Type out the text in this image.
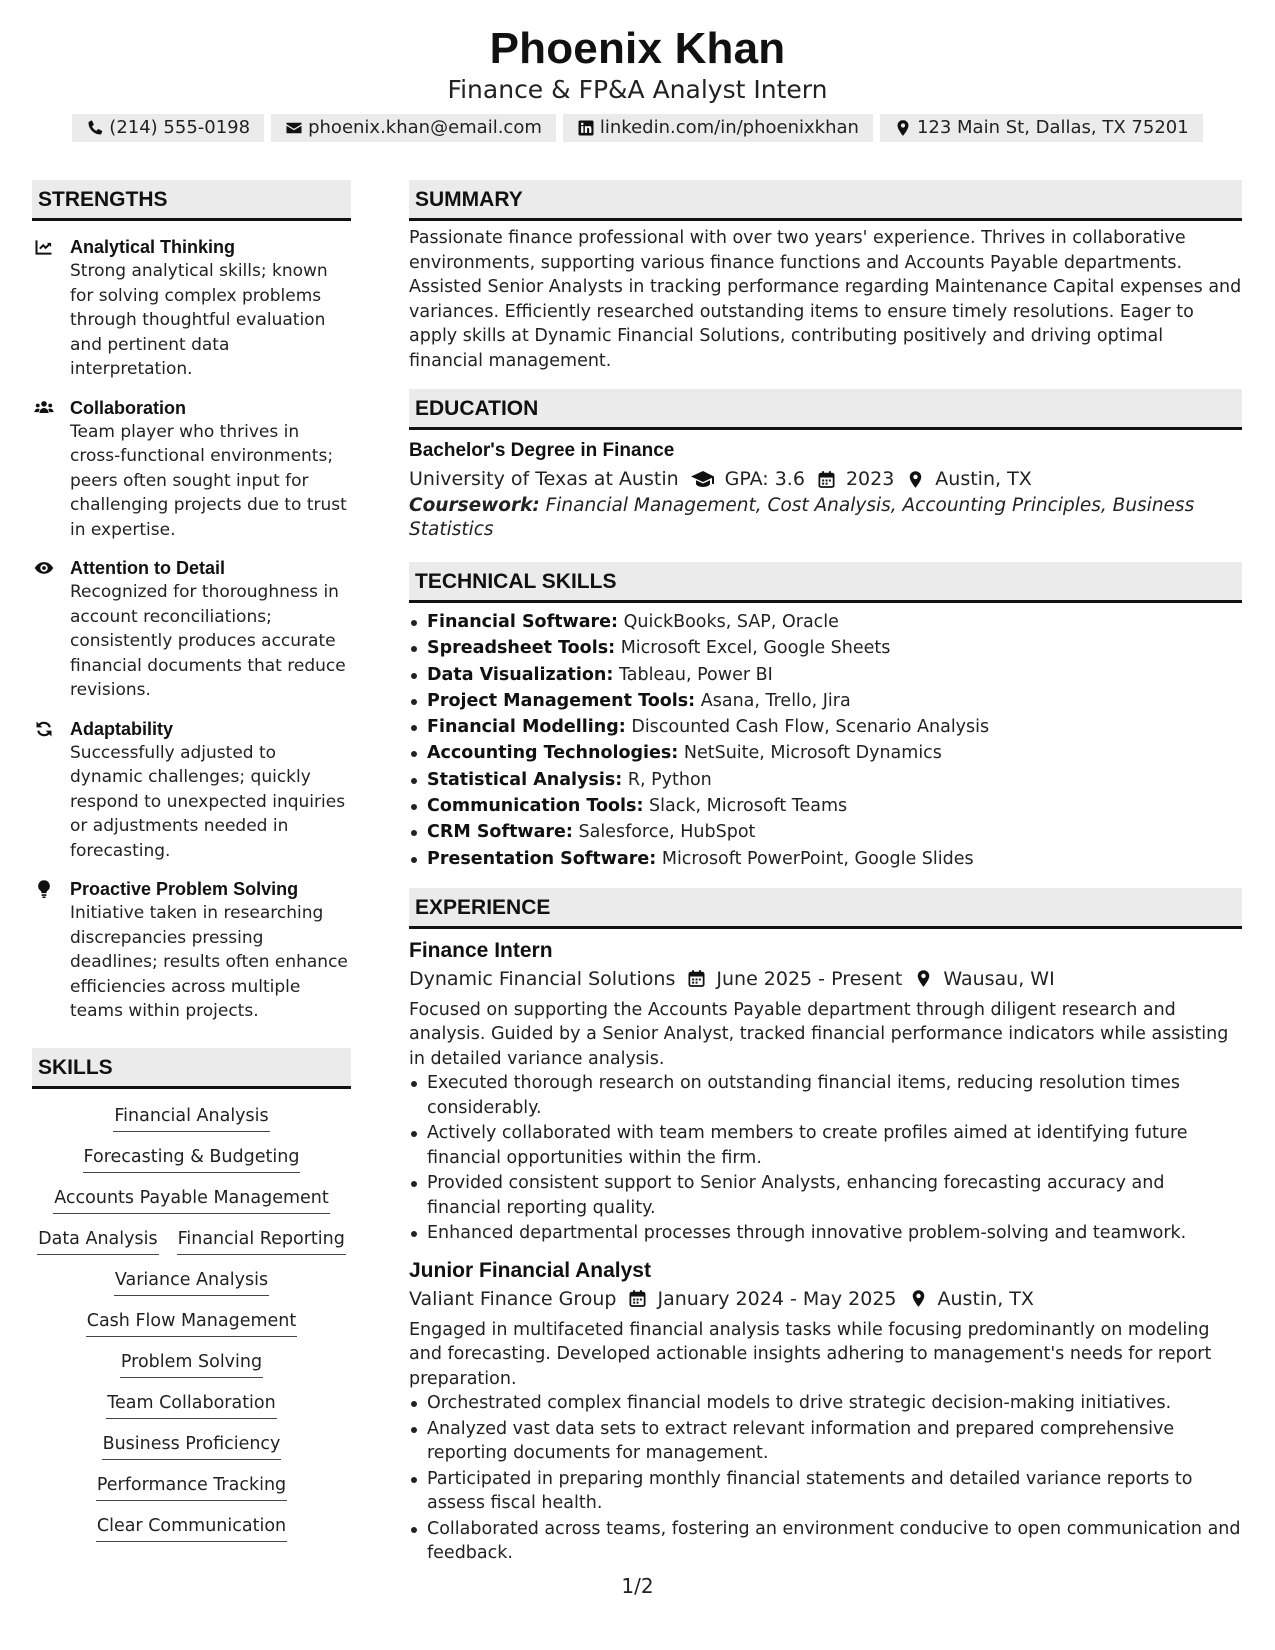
Phoenix Khan
Finance & FP&A Analyst Intern
(214) 555-0198	phoenix.khan@email.com	linkedin.com/in/phoenixkhan	123 Main St, Dallas, TX 75201
STRENGTHS
Analytical Thinking
Strong analytical skills; known for solving complex problems through thoughtful evaluation and pertinent data interpretation.
Collaboration
Team player who thrives in cross-functional environments; peers often sought input for challenging projects due to trust in expertise.
Attention to Detail
Recognized for thoroughness in account reconciliations; consistently produces accurate financial documents that reduce revisions.
Adaptability
Successfully adjusted to dynamic challenges; quickly respond to unexpected inquiries or adjustments needed in forecasting.
Proactive Problem Solving
Initiative taken in researching discrepancies pressing deadlines; results often enhance efficiencies across multiple teams within projects.
SKILLS
Financial Analysis
Forecasting & Budgeting
Accounts Payable Management
Data Analysis Financial Reporting
Variance Analysis
Cash Flow Management
Problem Solving
Team Collaboration
Business Proficiency
Performance Tracking
Clear Communication
SUMMARY
Passionate finance professional with over two years' experience. Thrives in collaborative environments, supporting various finance functions and Accounts Payable departments. Assisted Senior Analysts in tracking performance regarding Maintenance Capital expenses and variances. Efficiently researched outstanding items to ensure timely resolutions. Eager to apply skills at Dynamic Financial Solutions, contributing positively and driving optimal financial management.
EDUCATION
Bachelor's Degree in Finance
University of Texas at Austin GPA: 3.6 2023 Austin, TX
Coursework: Financial Management, Cost Analysis, Accounting Principles, Business Statistics
TECHNICAL SKILLS
Financial Software: QuickBooks, SAP, Oracle
Spreadsheet Tools: Microsoft Excel, Google Sheets
Data Visualization: Tableau, Power BI
Project Management Tools: Asana, Trello, Jira
Financial Modelling: Discounted Cash Flow, Scenario Analysis
Accounting Technologies: NetSuite, Microsoft Dynamics
Statistical Analysis: R, Python
Communication Tools: Slack, Microsoft Teams
CRM Software: Salesforce, HubSpot
Presentation Software: Microsoft PowerPoint, Google Slides
EXPERIENCE
Finance Intern
Dynamic Financial Solutions June 2025 - Present Wausau, WI
Focused on supporting the Accounts Payable department through diligent research and analysis. Guided by a Senior Analyst, tracked financial performance indicators while assisting in detailed variance analysis.
Executed thorough research on outstanding financial items, reducing resolution times considerably.
Actively collaborated with team members to create profiles aimed at identifying future financial opportunities within the firm.
Provided consistent support to Senior Analysts, enhancing forecasting accuracy and financial reporting quality.
Enhanced departmental processes through innovative problem-solving and teamwork.
Junior Financial Analyst
Valiant Finance Group January 2024 - May 2025 Austin, TX
Engaged in multifaceted financial analysis tasks while focusing predominantly on modeling and forecasting. Developed actionable insights adhering to management's needs for report preparation.
Orchestrated complex financial models to drive strategic decision-making initiatives.
Analyzed vast data sets to extract relevant information and prepared comprehensive reporting documents for management.
Participated in preparing monthly financial statements and detailed variance reports to assess fiscal health.
Collaborated across teams, fostering an environment conducive to open communication and feedback.
1/2
